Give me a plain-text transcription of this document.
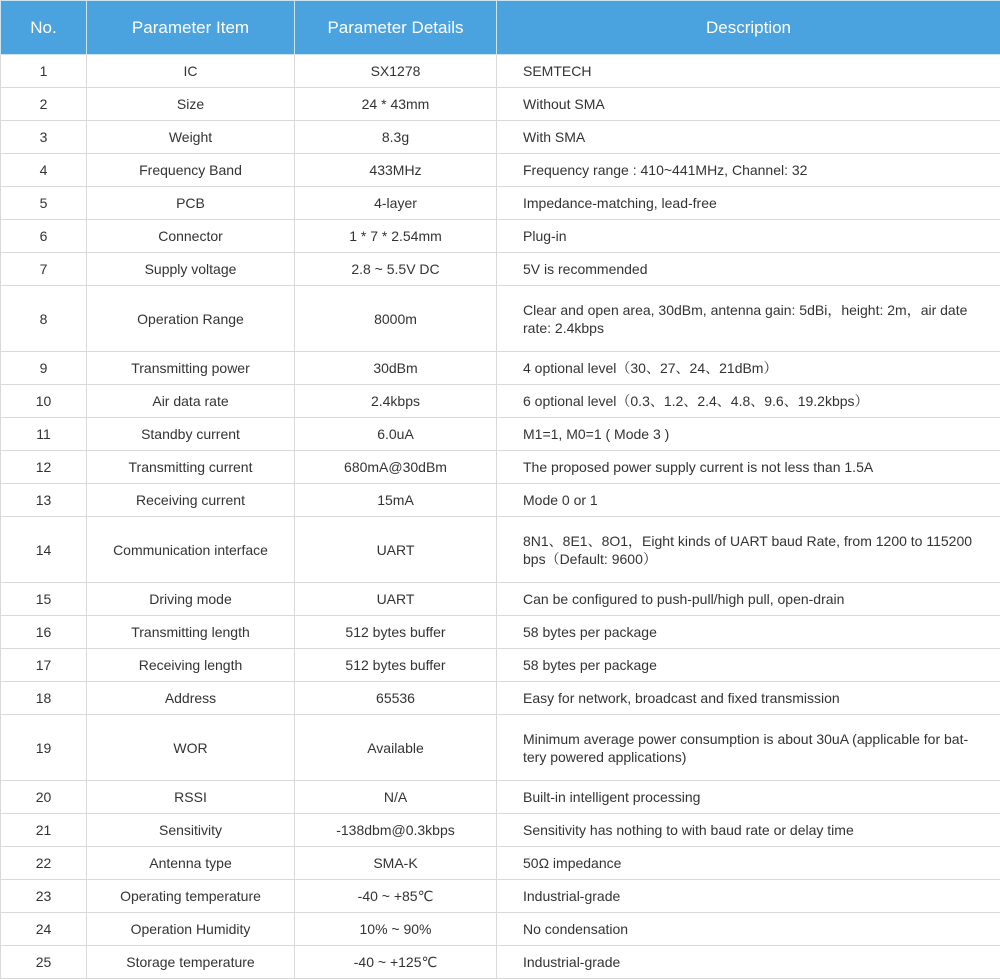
No.	Parameter Item	Parameter Details	Description
1	IC	SX1278	SEMTECH
2	Size	24 * 43mm	Without SMA
3	Weight	8.3g	With SMA
4	Frequency Band	433MHz	Frequency range : 410~441MHz, Channel: 32
5	PCB	4-layer	Impedance-matching, lead-free
6	Connector	1 * 7 * 2.54mm	Plug-in
7	Supply voltage	2.8 ~ 5.5V DC	5V is recommended
8	Operation Range	8000m	Clear and open area, 30dBm, antenna gain: 5dBi，height: 2m，air date rate: 2.4kbps
9	Transmitting power	30dBm	4 optional level（30、27、24、21dBm）
10	Air data rate	2.4kbps	6 optional level（0.3、1.2、2.4、4.8、9.6、19.2kbps）
11	Standby current	6.0uA	M1=1, M0=1 ( Mode 3 )
12	Transmitting current	680mA@30dBm	The proposed power supply current is not less than 1.5A
13	Receiving current	15mA	Mode 0 or 1
14	Communication interface	UART	8N1、8E1、8O1，Eight kinds of UART baud Rate, from 1200 to 115200 bps（Default: 9600）
15	Driving mode	UART	Can be configured to push-pull/high pull, open-drain
16	Transmitting length	512 bytes buffer	58 bytes per package
17	Receiving length	512 bytes buffer	58 bytes per package
18	Address	65536	Easy for network, broadcast and fixed transmission
19	WOR	Available	Minimum average power consumption is about 30uA (applicable for bat-tery powered applications)
20	RSSI	N/A	Built-in intelligent processing
21	Sensitivity	-138dbm@0.3kbps	Sensitivity has nothing to with baud rate or delay time
22	Antenna type	SMA-K	50Ω impedance
23	Operating temperature	-40 ~ +85℃	Industrial-grade
24	Operation Humidity	10% ~ 90%	No condensation
25	Storage temperature	-40 ~ +125℃	Industrial-grade
